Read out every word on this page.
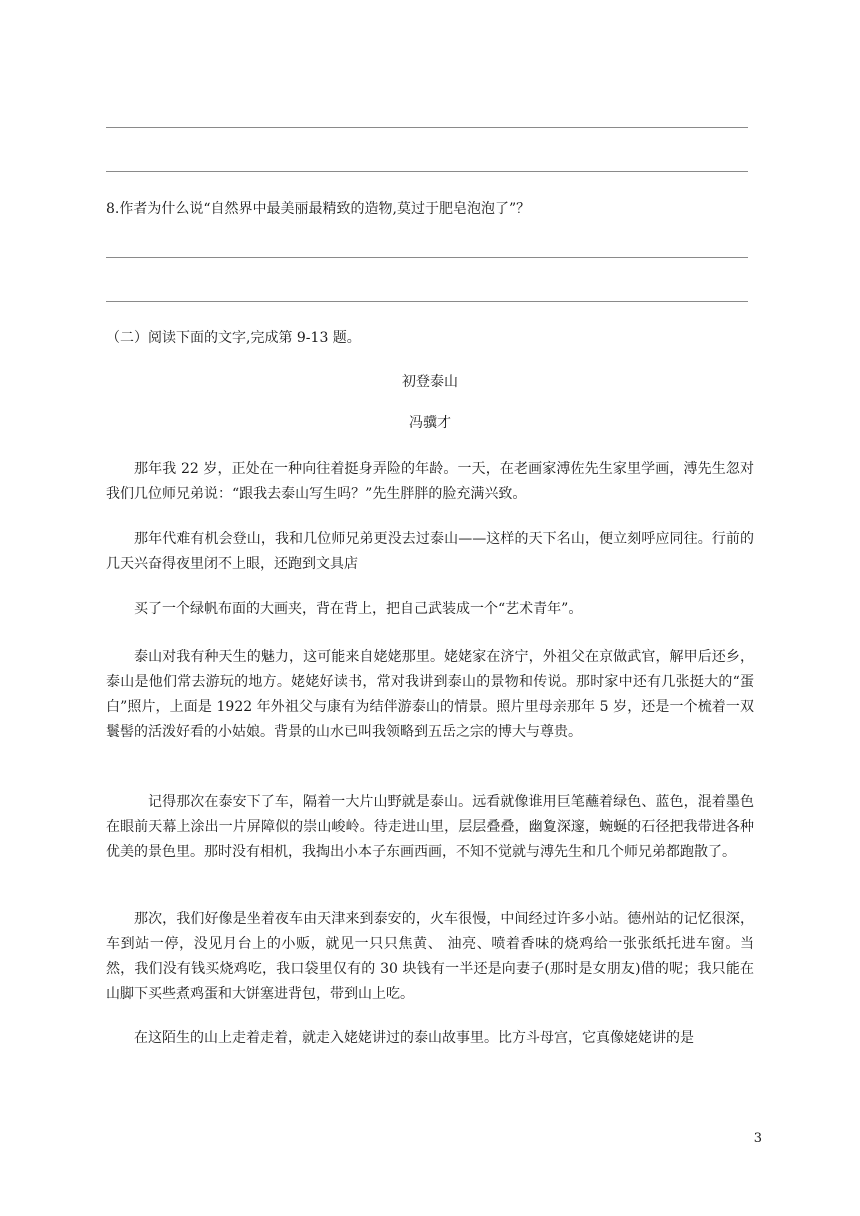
8.作者为什么说“自然界中最美丽最精致的造物,莫过于肥皂泡泡了”？
（二）阅读下面的文字,完成第 9-13 题。
初登泰山
冯骥才
那年我 22 岁，正处在一种向往着挺身弄险的年龄。一天，在老画家溥佐先生家里学画，溥先生忽对我们几位师兄弟说：“跟我去泰山写生吗？”先生胖胖的脸充满兴致。
那年代难有机会登山，我和几位师兄弟更没去过泰山——这样的天下名山，便立刻呼应同往。行前的几天兴奋得夜里闭不上眼，还跑到文具店
买了一个绿帆布面的大画夹，背在背上，把自己武装成一个“艺术青年”。
泰山对我有种天生的魅力，这可能来自姥姥那里。姥姥家在济宁，外祖父在京做武官，解甲后还乡，泰山是他们常去游玩的地方。姥姥好读书，常对我讲到泰山的景物和传说。那时家中还有几张挺大的“蛋白”照片，上面是 1922 年外祖父与康有为结伴游泰山的情景。照片里母亲那年 5 岁，还是一个梳着一双鬟髻的活泼好看的小姑娘。背景的山水已叫我领略到五岳之宗的博大与尊贵。
记得那次在泰安下了车，隔着一大片山野就是泰山。远看就像谁用巨笔蘸着绿色、蓝色，混着墨色在眼前天幕上涂出一片屏障似的崇山峻岭。待走进山里，层层叠叠，幽夐深邃，蜿蜒的石径把我带进各种优美的景色里。那时没有相机，我掏出小本子东画西画，不知不觉就与溥先生和几个师兄弟都跑散了。
那次，我们好像是坐着夜车由天津来到泰安的，火车很慢，中间经过许多小站。德州站的记忆很深，车到站一停，没见月台上的小贩，就见一只只焦黄、 油亮、喷着香味的烧鸡给一张张纸托进车窗。当然，我们没有钱买烧鸡吃，我口袋里仅有的 30 块钱有一半还是向妻子(那时是女朋友)借的呢；我只能在山脚下买些煮鸡蛋和大饼塞进背包，带到山上吃。
在这陌生的山上走着走着，就走入姥姥讲过的泰山故事里。比方斗母宫，它真像姥姥讲的是
3
